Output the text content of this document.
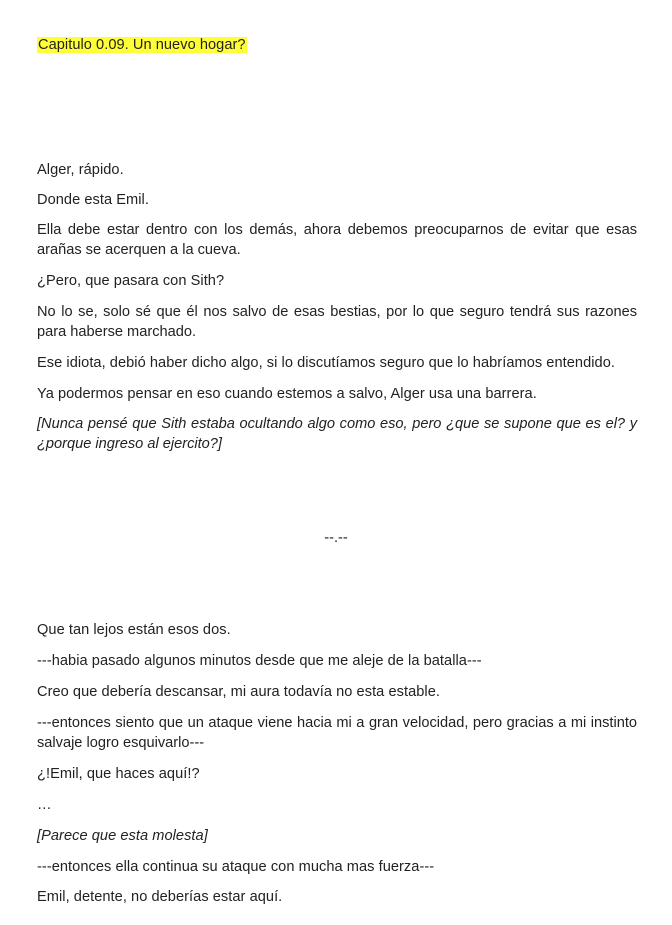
Capitulo 0.09. Un nuevo hogar?
Alger, rápido.
Donde esta Emil.
Ella debe estar dentro con los demás, ahora debemos preocuparnos de evitar que esas arañas se acerquen a la cueva.
¿Pero, que pasara con Sith?
No lo se, solo sé que él nos salvo de esas bestias, por lo que seguro tendrá sus razones para haberse marchado.
Ese idiota, debió haber dicho algo, si lo discutíamos seguro que lo habríamos entendido.
Ya podermos pensar en eso cuando estemos a salvo, Alger usa una barrera.
[Nunca pensé que Sith estaba ocultando algo como eso, pero ¿que se supone que es el? y ¿porque ingreso al ejercito?]
--.--
Que tan lejos están esos dos.
---habia pasado algunos minutos desde que me aleje de la batalla---
Creo que debería descansar, mi aura todavía no esta estable.
---entonces siento que un ataque viene hacia mi a gran velocidad, pero gracias a mi instinto salvaje logro esquivarlo---
¿!Emil, que haces aquí!?
…
[Parece que esta molesta]
---entonces ella continua su ataque con mucha mas fuerza---
Emil, detente, no deberías estar aquí.
